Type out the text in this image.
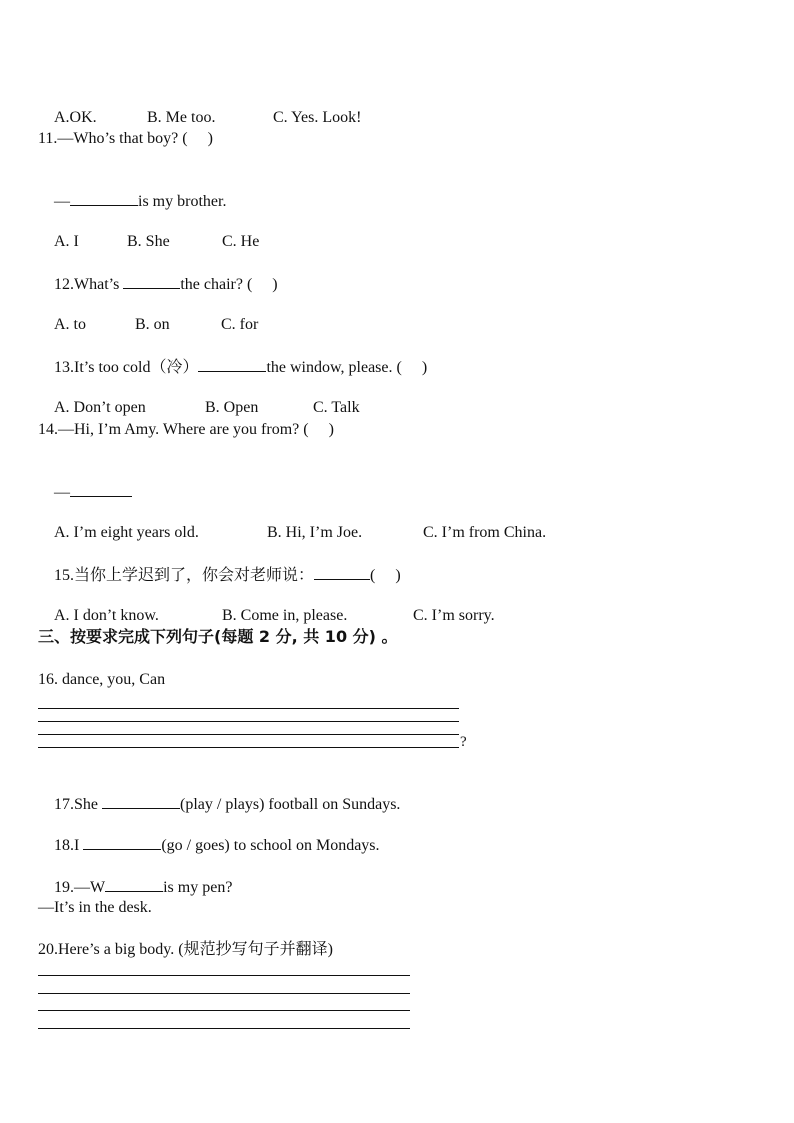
A.OK.	B. Me too.	C. Yes. Look!

11.—Who’s that boy? (     )

—	is my brother.

A. I	B. She	C. He

12.What’s	the chair? (     )

A. to	B. on	C. for

13.It’s too cold（冷）	the window, please. (     )

A. Don’t open	B. Open	C. Talk

14.—Hi, I’m Amy. Where are you from? (     )

—

A. I’m eight years old.	B. Hi, I’m Joe.	C. I’m from China.

15.当你上学迟到了，你会对老师说：	(     )

A. I don’t know.	B. Come in, please.	C. I’m sorry.

三、按要求完成下列句子(每题 2 分, 共 10 分) 。
16. dance, you, Can
?

17.She	(play / plays) football on Sundays.

18.I	(go / goes) to school on Mondays.

19.—W	is my pen?

—It’s in the desk.
20.Here’s a big body. (规范抄写句子并翻译)
